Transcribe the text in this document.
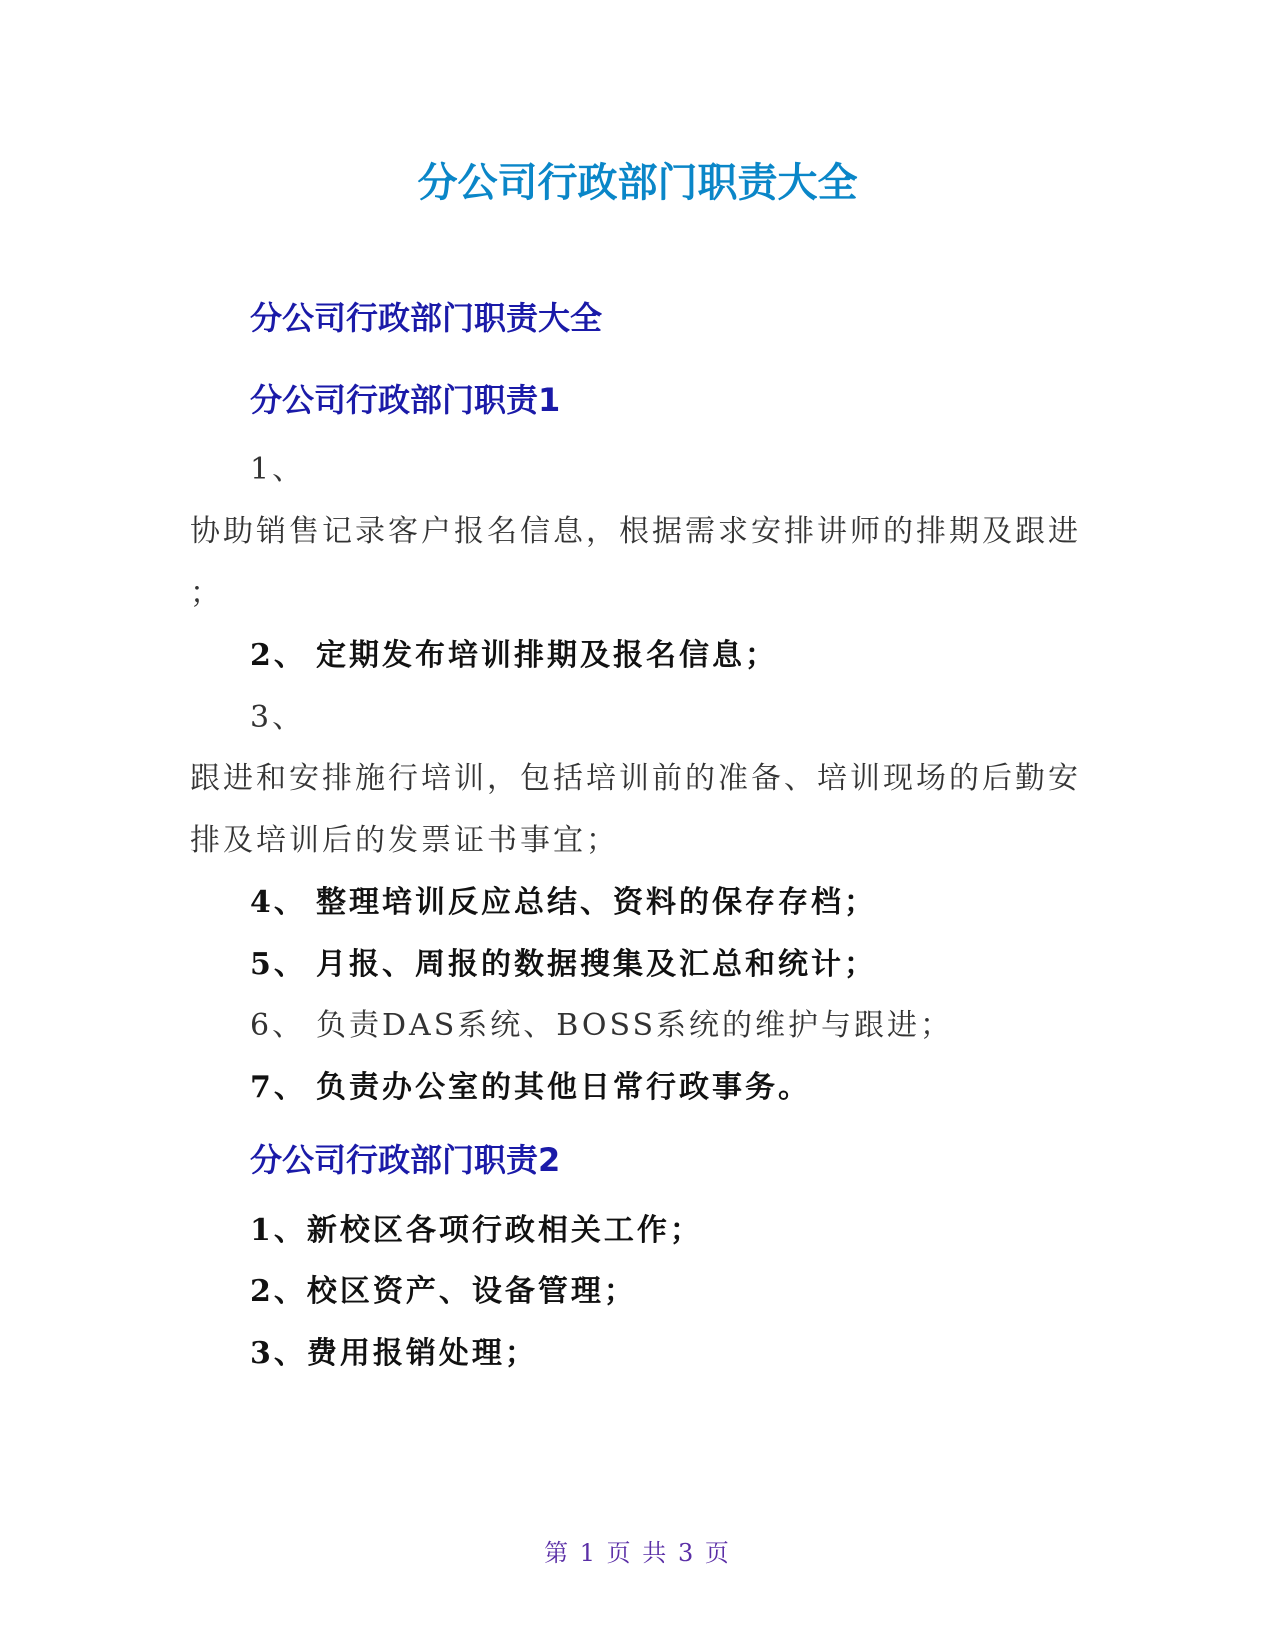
分公司行政部门职责大全
分公司行政部门职责大全
分公司行政部门职责1
1、
协助销售记录客户报名信息，根据需求安排讲师的排期及跟进
；
2、 定期发布培训排期及报名信息；
3、
跟进和安排施行培训，包括培训前的准备、培训现场的后勤安
排及培训后的发票证书事宜；
4、 整理培训反应总结、资料的保存存档；
5、 月报、周报的数据搜集及汇总和统计；
6、 负责DAS系统、BOSS系统的维护与跟进；
7、 负责办公室的其他日常行政事务。
分公司行政部门职责2
1、新校区各项行政相关工作；
2、校区资产、设备管理；
3、费用报销处理；
第 1 页 共 3 页
